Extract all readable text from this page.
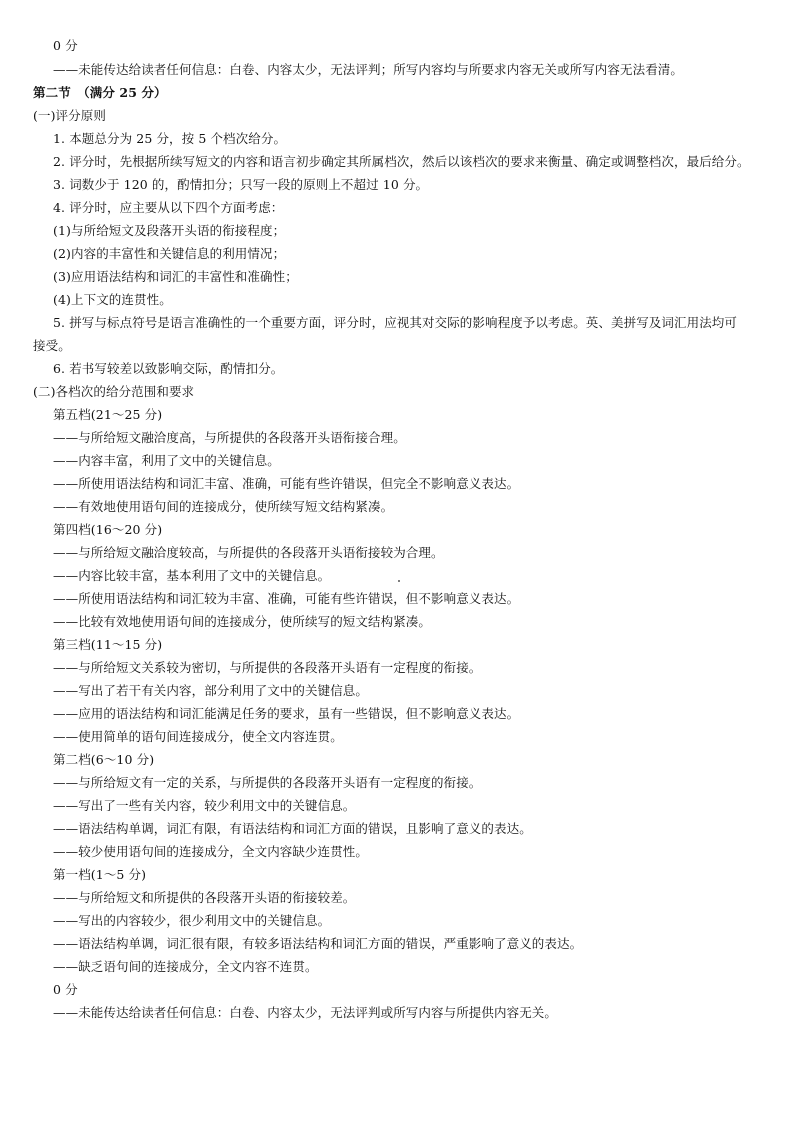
0 分
——未能传达给读者任何信息：白卷、内容太少，无法评判；所写内容均与所要求内容无关或所写内容无法看清。
第二节　（满分 25 分）
(一)评分原则
1. 本题总分为 25 分，按 5 个档次给分。
2. 评分时，先根据所续写短文的内容和语言初步确定其所属档次，然后以该档次的要求来衡量、确定或调整档次，最后给分。
3. 词数少于 120 的，酌情扣分；只写一段的原则上不超过 10 分。
4. 评分时，应主要从以下四个方面考虑：
(1)与所给短文及段落开头语的衔接程度；
(2)内容的丰富性和关键信息的利用情况；
(3)应用语法结构和词汇的丰富性和准确性；
(4)上下文的连贯性。
5. 拼写与标点符号是语言准确性的一个重要方面，评分时，应视其对交际的影响程度予以考虑。英、美拼写及词汇用法均可
接受。
6. 若书写较差以致影响交际，酌情扣分。
(二)各档次的给分范围和要求
第五档(21～25 分)
——与所给短文融洽度高，与所提供的各段落开头语衔接合理。
——内容丰富，利用了文中的关键信息。
——所使用语法结构和词汇丰富、准确，可能有些许错误，但完全不影响意义表达。
——有效地使用语句间的连接成分，使所续写短文结构紧凑。
第四档(16～20 分)
——与所给短文融洽度较高，与所提供的各段落开头语衔接较为合理。
——内容比较丰富，基本利用了文中的关键信息。
——所使用语法结构和词汇较为丰富、准确，可能有些许错误，但不影响意义表达。
——比较有效地使用语句间的连接成分，使所续写的短文结构紧凑。
第三档(11～15 分)
——与所给短文关系较为密切，与所提供的各段落开头语有一定程度的衔接。
——写出了若干有关内容，部分利用了文中的关键信息。
——应用的语法结构和词汇能满足任务的要求，虽有一些错误，但不影响意义表达。
——使用简单的语句间连接成分，使全文内容连贯。
第二档(6～10 分)
——与所给短文有一定的关系，与所提供的各段落开头语有一定程度的衔接。
——写出了一些有关内容，较少利用文中的关键信息。
——语法结构单调，词汇有限，有语法结构和词汇方面的错误，且影响了意义的表达。
——较少使用语句间的连接成分，全文内容缺少连贯性。
第一档(1～5 分)
——与所给短文和所提供的各段落开头语的衔接较差。
——写出的内容较少，很少利用文中的关键信息。
——语法结构单调，词汇很有限，有较多语法结构和词汇方面的错误，严重影响了意义的表达。
——缺乏语句间的连接成分，全文内容不连贯。
0 分
——未能传达给读者任何信息：白卷、内容太少，无法评判或所写内容与所提供内容无关。
